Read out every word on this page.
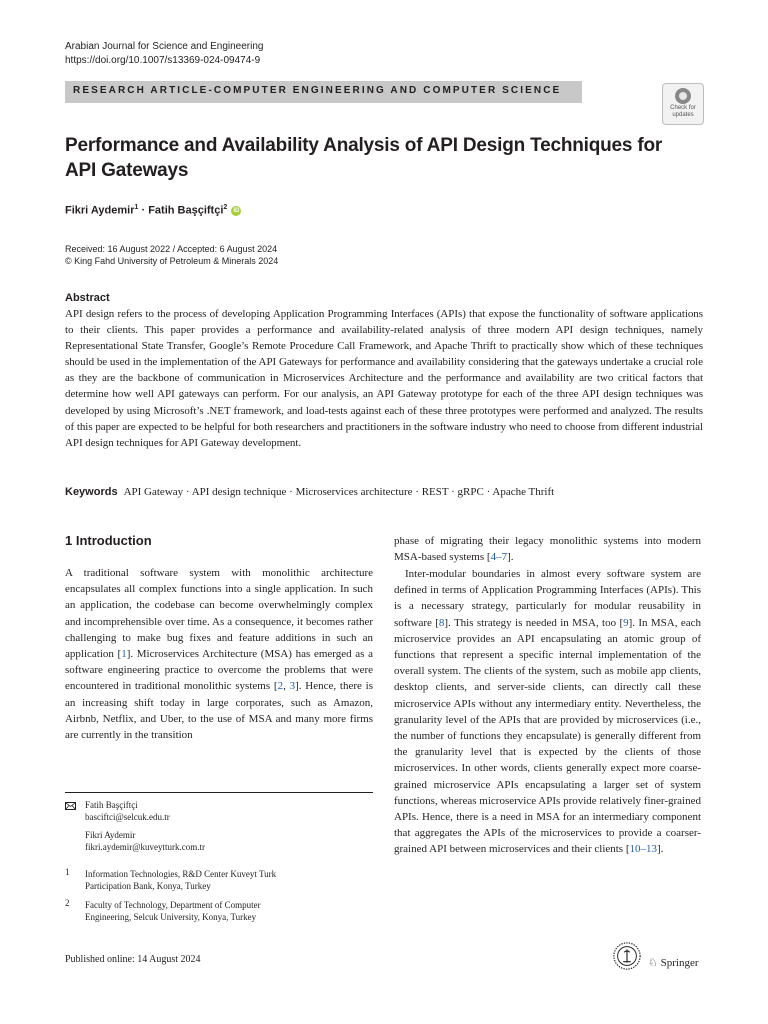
Arabian Journal for Science and Engineering
https://doi.org/10.1007/s13369-024-09474-9
RESEARCH ARTICLE-COMPUTER ENGINEERING AND COMPUTER SCIENCE
Check for updates
Performance and Availability Analysis of API Design Techniques for API Gateways
Fikri Aydemir$^1$ · Fatih Başçiftçi$^2$ iD
Received: 16 August 2022 / Accepted: 6 August 2024
© King Fahd University of Petroleum & Minerals 2024
Abstract

API design refers to the process of developing Application Programming Interfaces (APIs) that expose the functionality of software applications to their clients. This paper provides a performance and availability-related analysis of three modern API design techniques, namely Representational State Transfer, Google’s Remote Procedure Call Framework, and Apache Thrift to practically show which of these techniques should be used in the implementation of the API Gateways for performance and availability considering that the gateways undertake a crucial role as they are the backbone of communication in Microservices Architecture and the performance and availability are two critical factors that determine how well API gateways can perform. For our analysis, an API Gateway prototype for each of the three API design techniques was developed by using Microsoft’s .NET framework, and load-tests against each of these three prototypes were performed and analyzed. The results of this paper are expected to be helpful for both researchers and practitioners in the software industry who need to choose from different industrial API design techniques for API Gateway development.

Keywords API Gateway · API design technique · Microservices architecture · REST · gRPC · Apache Thrift
1 Introduction

A traditional software system with monolithic architecture encapsulates all complex functions into a single application. In such an application, the codebase can become overwhelmingly complex and incomprehensible over time. As a consequence, it becomes rather challenging to make bug fixes and feature additions in such an application [1]. Microservices Architecture (MSA) has emerged as a software engineering practice to overcome the problems that were encountered in traditional monolithic systems [2, 3]. Hence, there is an increasing shift today in large corporates, such as Amazon, Airbnb, Netflix, and Uber, to the use of MSA and many more firms are currently in the transition

phase of migrating their legacy monolithic systems into modern MSA-based systems [4–7].

Inter-modular boundaries in almost every software system are defined in terms of Application Programming Interfaces (APIs). This is a necessary strategy, particularly for modular reusability in software [8]. This strategy is needed in MSA, too [9]. In MSA, each microservice provides an API encapsulating an atomic group of functions that represent a specific internal implementation of the overall system. The clients of the system, such as mobile app clients, desktop clients, and server-side clients, can directly call these microservice APIs without any intermediary entity. Nevertheless, the granularity level of the APIs that are provided by microservices (i.e., the number of functions they encapsulate) is generally different from the granularity level that is expected by the clients of those microservices. In other words, clients generally expect more coarse-grained microservice APIs encapsulating a larger set of system functions, whereas microservice APIs provide relatively finer-grained APIs. Hence, there is a need in MSA for an intermediary component that aggregates the APIs of the microservices to provide a coarser-grained API between microservices and their clients [10–13].

Fatih Başçiftçi
basciftci@selcuk.edu.tr
Fikri Aydemir
fikri.aydemir@kuveytturk.com.tr
1 Information Technologies, R&D Center Kuveyt Turk
Participation Bank, Konya, Turkey
2 Faculty of Technology, Department of Computer
Engineering, Selcuk University, Konya, Turkey
Published online: 14 August 2024	♘ Springer
